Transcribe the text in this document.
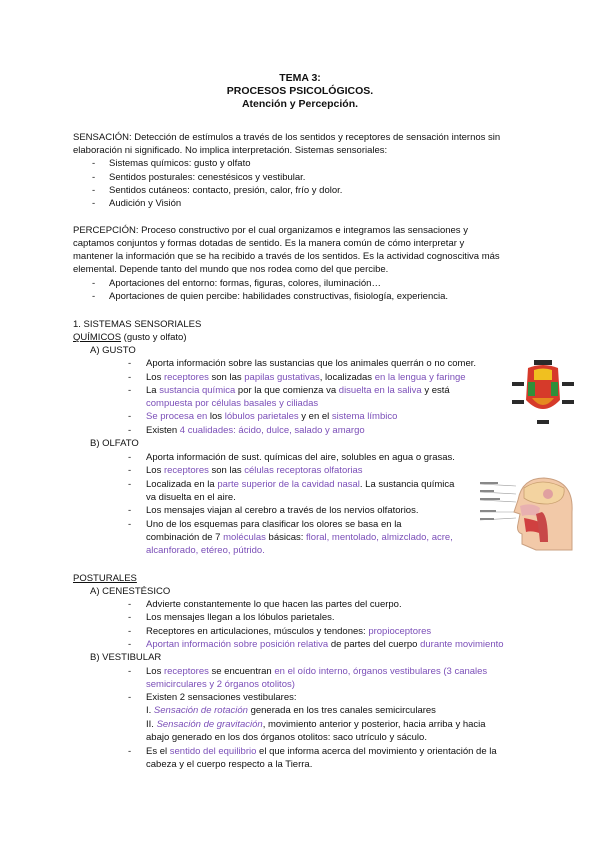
TEMA 3:
PROCESOS PSICOLÓGICOS.
Atención y Percepción.
SENSACIÓN: Detección de estímulos a través de los sentidos y receptores de sensación internos sin
elaboración ni significado. No implica interpretación. Sistemas sensoriales:
- Sistemas químicos: gusto y olfato
- Sentidos posturales: cenestésicos y vestibular.
- Sentidos cutáneos: contacto, presión, calor, frío y dolor.
- Audición y Visión
PERCEPCIÓN: Proceso constructivo por el cual organizamos e integramos las sensaciones y
captamos conjuntos y formas dotadas de sentido. Es la manera común de cómo interpretar y
mantener la información que se ha recibido a través de los sentidos. Es la actividad cognoscitiva más
elemental. Depende tanto del mundo que nos rodea como del que percibe.
- Aportaciones del entorno: formas, figuras, colores, iluminación…
- Aportaciones de quien percibe: habilidades constructivas, fisiología, experiencia.
1. SISTEMAS SENSORIALES
QUÍMICOS (gusto y olfato)
A) GUSTO
- Aporta información sobre las sustancias que los animales querrán o no comer.
- Los receptores son las papilas gustativas, localizadas en la lengua y faringe
- La sustancia química por la que comienza va disuelta en la saliva y está
compuesta por células basales y ciliadas
- Se procesa en los lóbulos parietales y en el sistema límbico
- Existen 4 cualidades: ácido, dulce, salado y amargo
B) OLFATO
- Aporta información de sust. químicas del aire, solubles en agua o grasas.
- Los receptores son las células receptoras olfatorias
- Localizada en la parte superior de la cavidad nasal. La sustancia química
va disuelta en el aire.
- Los mensajes viajan al cerebro a través de los nervios olfatorios.
- Uno de los esquemas para clasificar los olores se basa en la
combinación de 7 moléculas básicas: floral, mentolado, almizclado, acre,
alcanforado, etéreo, pútrido.
POSTURALES
A) CENESTÉSICO
- Advierte constantemente lo que hacen las partes del cuerpo.
- Los mensajes llegan a los lóbulos parietales.
- Receptores en articulaciones, músculos y tendones: propioceptores
- Aportan información sobre posición relativa de partes del cuerpo durante movimiento
B) VESTIBULAR
- Los receptores se encuentran en el oído interno, órganos vestibulares (3 canales
semicirculares y 2 órganos otolitos)
- Existen 2 sensaciones vestibulares:
I. Sensación de rotación generada en los tres canales semicirculares
II. Sensación de gravitación, movimiento anterior y posterior, hacia arriba y hacia
abajo generado en los dos órganos otolitos: saco utrículo y sáculo.
- Es el sentido del equilibrio el que informa acerca del movimiento y orientación de la
cabeza y el cuerpo respecto a la Tierra.
